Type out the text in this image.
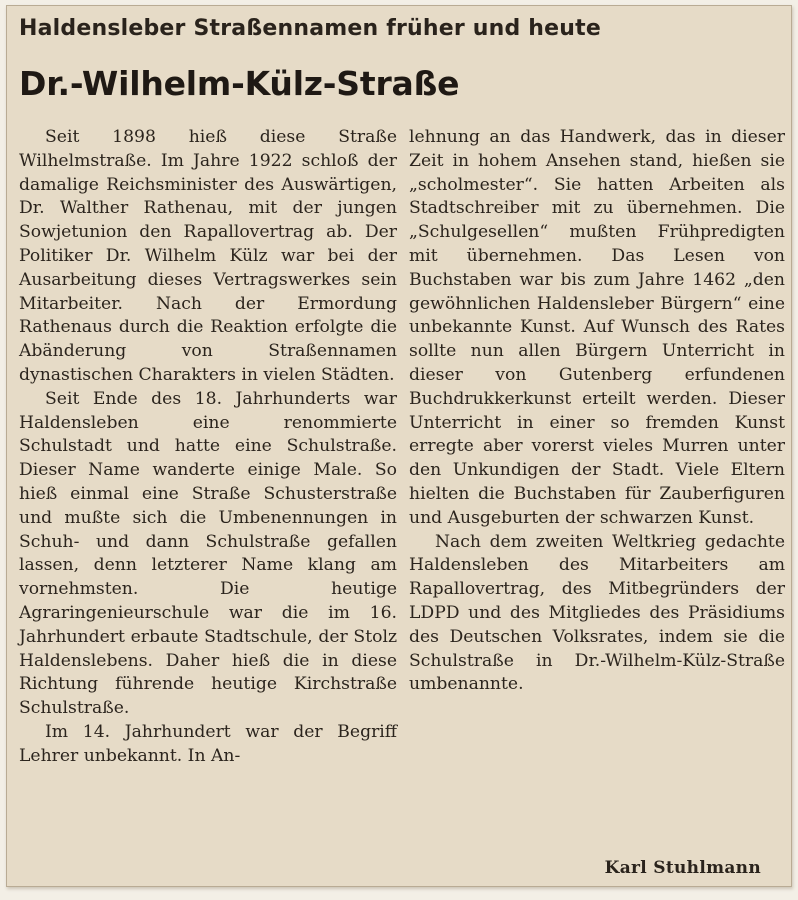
Haldensleber Straßennamen früher und heute
Dr.-Wilhelm-Külz-Straße

Seit 1898 hieß diese Straße Wilhelmstraße. Im Jahre 1922 schloß der damalige Reichsminister des Auswärtigen, Dr. Walther Rathenau, mit der jungen Sowjetunion den Rapallovertrag ab. Der Politiker Dr. Wilhelm Külz war bei der Ausarbeitung dieses Vertragswerkes sein Mitarbeiter. Nach der Ermordung Rathenaus durch die Reaktion erfolgte die Abänderung von Straßennamen dynastischen Charakters in vielen Städten.

Seit Ende des 18. Jahrhunderts war Haldensleben eine renommierte Schulstadt und hatte eine Schulstraße. Dieser Name wanderte einige Male. So hieß einmal eine Straße Schusterstraße und mußte sich die Umbenennungen in Schuh- und dann Schulstraße gefallen lassen, denn letzterer Name klang am vornehmsten. Die heutige Agraringenieurschule war die im 16. Jahrhundert erbaute Stadtschule, der Stolz Haldenslebens. Daher hieß die in diese Richtung führende heutige Kirchstraße Schulstraße.

Im 14. Jahrhundert war der Begriff Lehrer unbekannt. In An-

lehnung an das Handwerk, das in dieser Zeit in hohem Ansehen stand, hießen sie „scholmester“. Sie hatten Arbeiten als Stadtschreiber mit zu übernehmen. Die „Schulgesellen“ mußten Frühpredigten mit übernehmen. Das Lesen von Buchstaben war bis zum Jahre 1462 „den gewöhnlichen Haldensleber Bürgern“ eine unbekannte Kunst. Auf Wunsch des Rates sollte nun allen Bürgern Unterricht in dieser von Gutenberg erfundenen Buchdrukkerkunst erteilt werden. Dieser Unterricht in einer so fremden Kunst erregte aber vorerst vieles Murren unter den Unkundigen der Stadt. Viele Eltern hielten die Buchstaben für Zauberfiguren und Ausgeburten der schwarzen Kunst.

Nach dem zweiten Weltkrieg gedachte Haldensleben des Mitarbeiters am Rapallovertrag, des Mitbegründers der LDPD und des Mitgliedes des Präsidiums des Deutschen Volksrates, indem sie die Schulstraße in Dr.-Wilhelm-Külz-Straße umbenannte.

Karl Stuhlmann
